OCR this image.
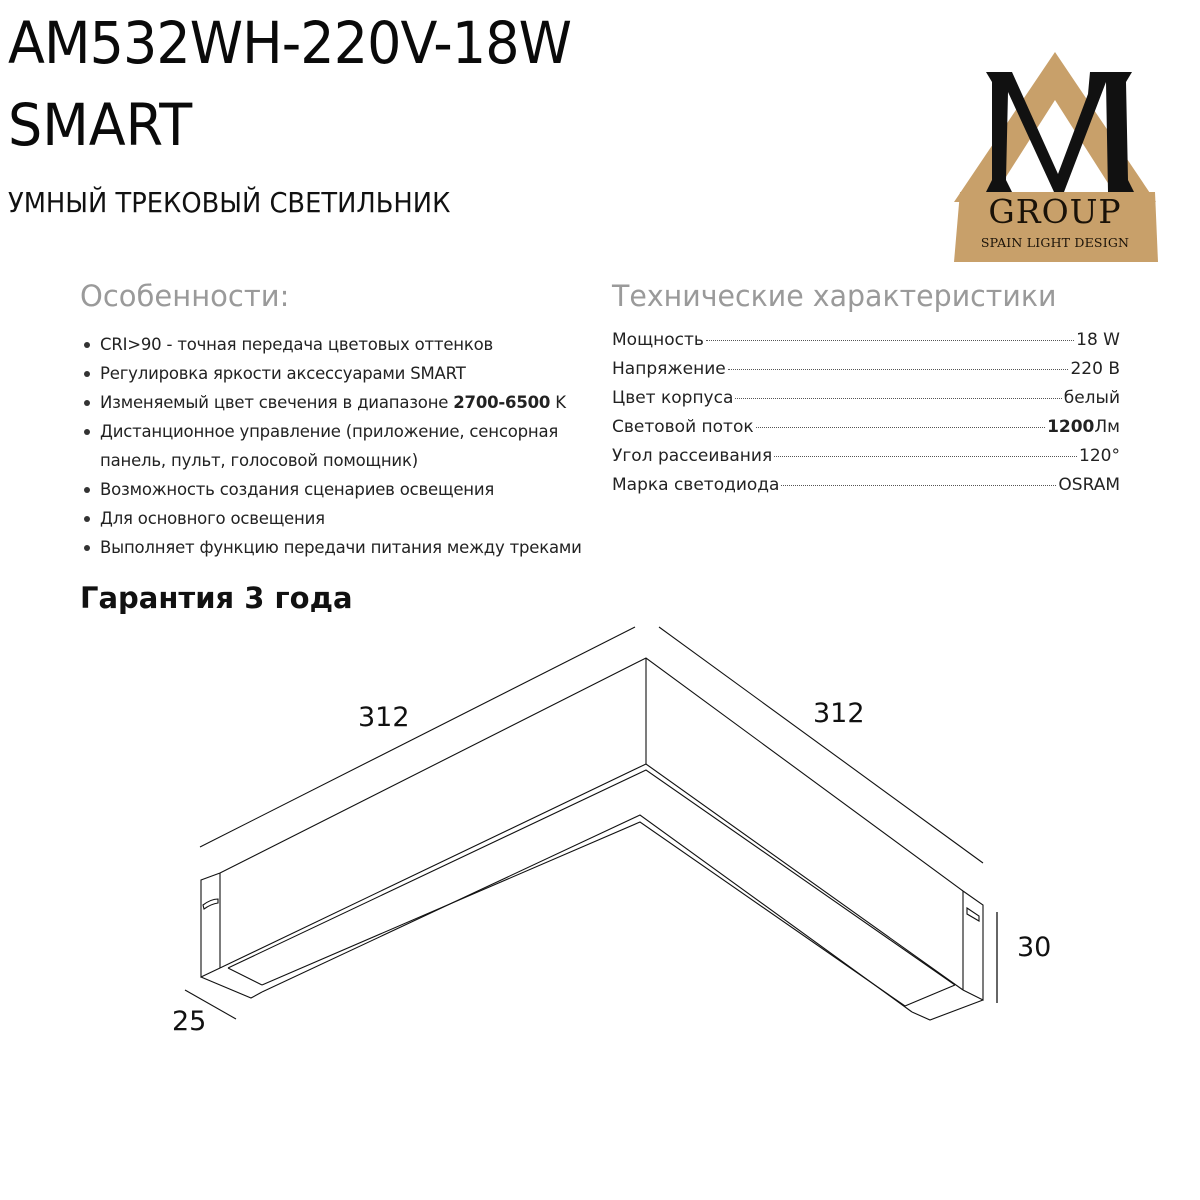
AM532WH-220V-18W
SMART
УМНЫЙ ТРЕКОВЫЙ СВЕТИЛЬНИК	GROUP
SPAIN LIGHT DESIGN
Особенности:
CRI>90 - точная передача цветовых оттенков
Регулировка яркости аксессуарами SMART
Изменяемый цвет свечения в диапазоне 2700-6500 K
Дистанционное управление (приложение, сенсорная
панель, пульт, голосовой помощник)
Возможность создания сценариев освещения
Для основного освещения
Выполняет функцию передачи питания между треками
Гарантия 3 года
Технические характеристики
Мощность	18 W
Напряжение	220 В
Цвет корпуса	белый
Световой поток	1200 Лм
Угол рассеивания	120°
Марка светодиода	OSRAM
312	312
25
30
